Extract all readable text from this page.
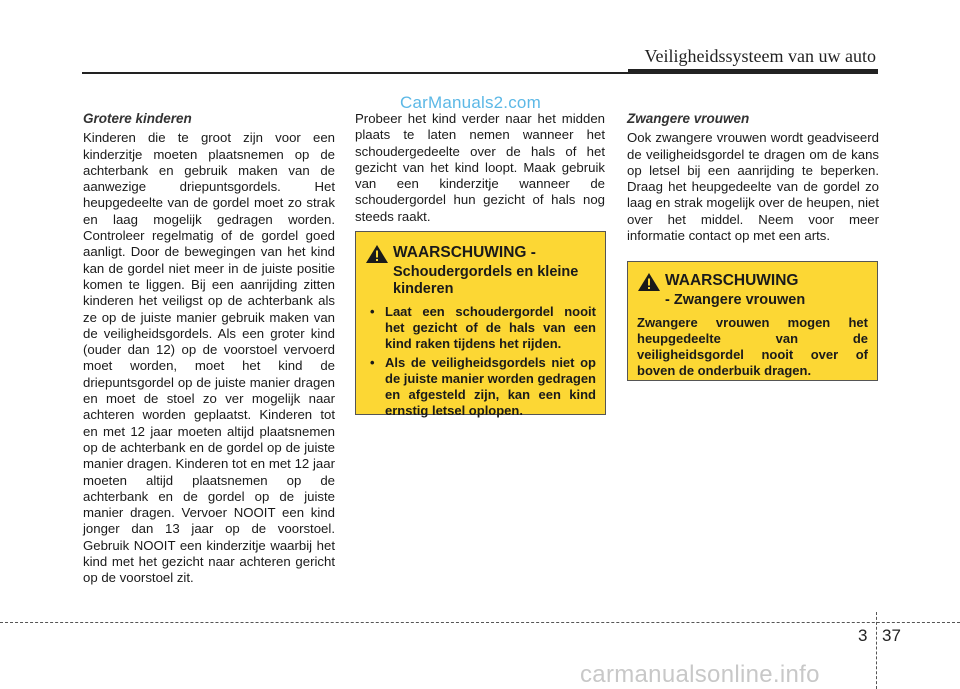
Veiligheidssysteem van uw auto
CarManuals2.com
Grotere kinderen

Kinderen die te groot zijn voor een kinderzitje moeten plaatsnemen op de achterbank en gebruik maken van de aanwezige driepuntsgordels. Het heupgedeelte van de gordel moet zo strak en laag mogelijk gedragen worden. Controleer regelmatig of de gordel goed aanligt. Door de bewegingen van het kind kan de gordel niet meer in de juiste positie komen te liggen. Bij een aanrijding zitten kinderen het veiligst op de achterbank als ze op de juiste manier gebruik maken van de veiligheidsgordels. Als een groter kind (ouder dan 12) op de voorstoel vervoerd moet worden, moet het kind de driepuntsgordel op de juiste manier dragen en moet de stoel zo ver mogelijk naar achteren worden geplaatst. Kinderen tot en met 12 jaar moeten altijd plaatsnemen op de achterbank en de gordel op de juiste manier dragen. Kinderen tot en met 12 jaar moeten altijd plaatsnemen op de achterbank en de gordel op de juiste manier dragen. Vervoer NOOIT een kind jonger dan 13 jaar op de voorstoel. Gebruik NOOIT een kinderzitje waarbij het kind met het gezicht naar achteren gericht op de voorstoel zit.

Probeer het kind verder naar het midden plaats te laten nemen wanneer het schoudergedeelte over de hals of het gezicht van het kind loopt. Maak gebruik van een kinderzitje wanneer de schoudergordel hun gezicht of hals nog steeds raakt.

WAARSCHUWING -
Schoudergordels en kleine kinderen
• Laat een schoudergordel nooit het gezicht of de hals van een kind raken tijdens het rijden.
• Als de veiligheidsgordels niet op de juiste manier worden gedragen en afgesteld zijn, kan een kind ernstig letsel oplopen.
Zwangere vrouwen

Ook zwangere vrouwen wordt geadviseerd de veiligheidsgordel te dragen om de kans op letsel bij een aanrijding te beperken. Draag het heupgedeelte van de gordel zo laag en strak mogelijk over de heupen, niet over het middel. Neem voor meer informatie contact op met een arts.

WAARSCHUWING
- Zwangere vrouwen
Zwangere vrouwen mogen het heupgedeelte van de veiligheidsgordel nooit over of boven de onderbuik dragen.
3 37
carmanualsonline.info
